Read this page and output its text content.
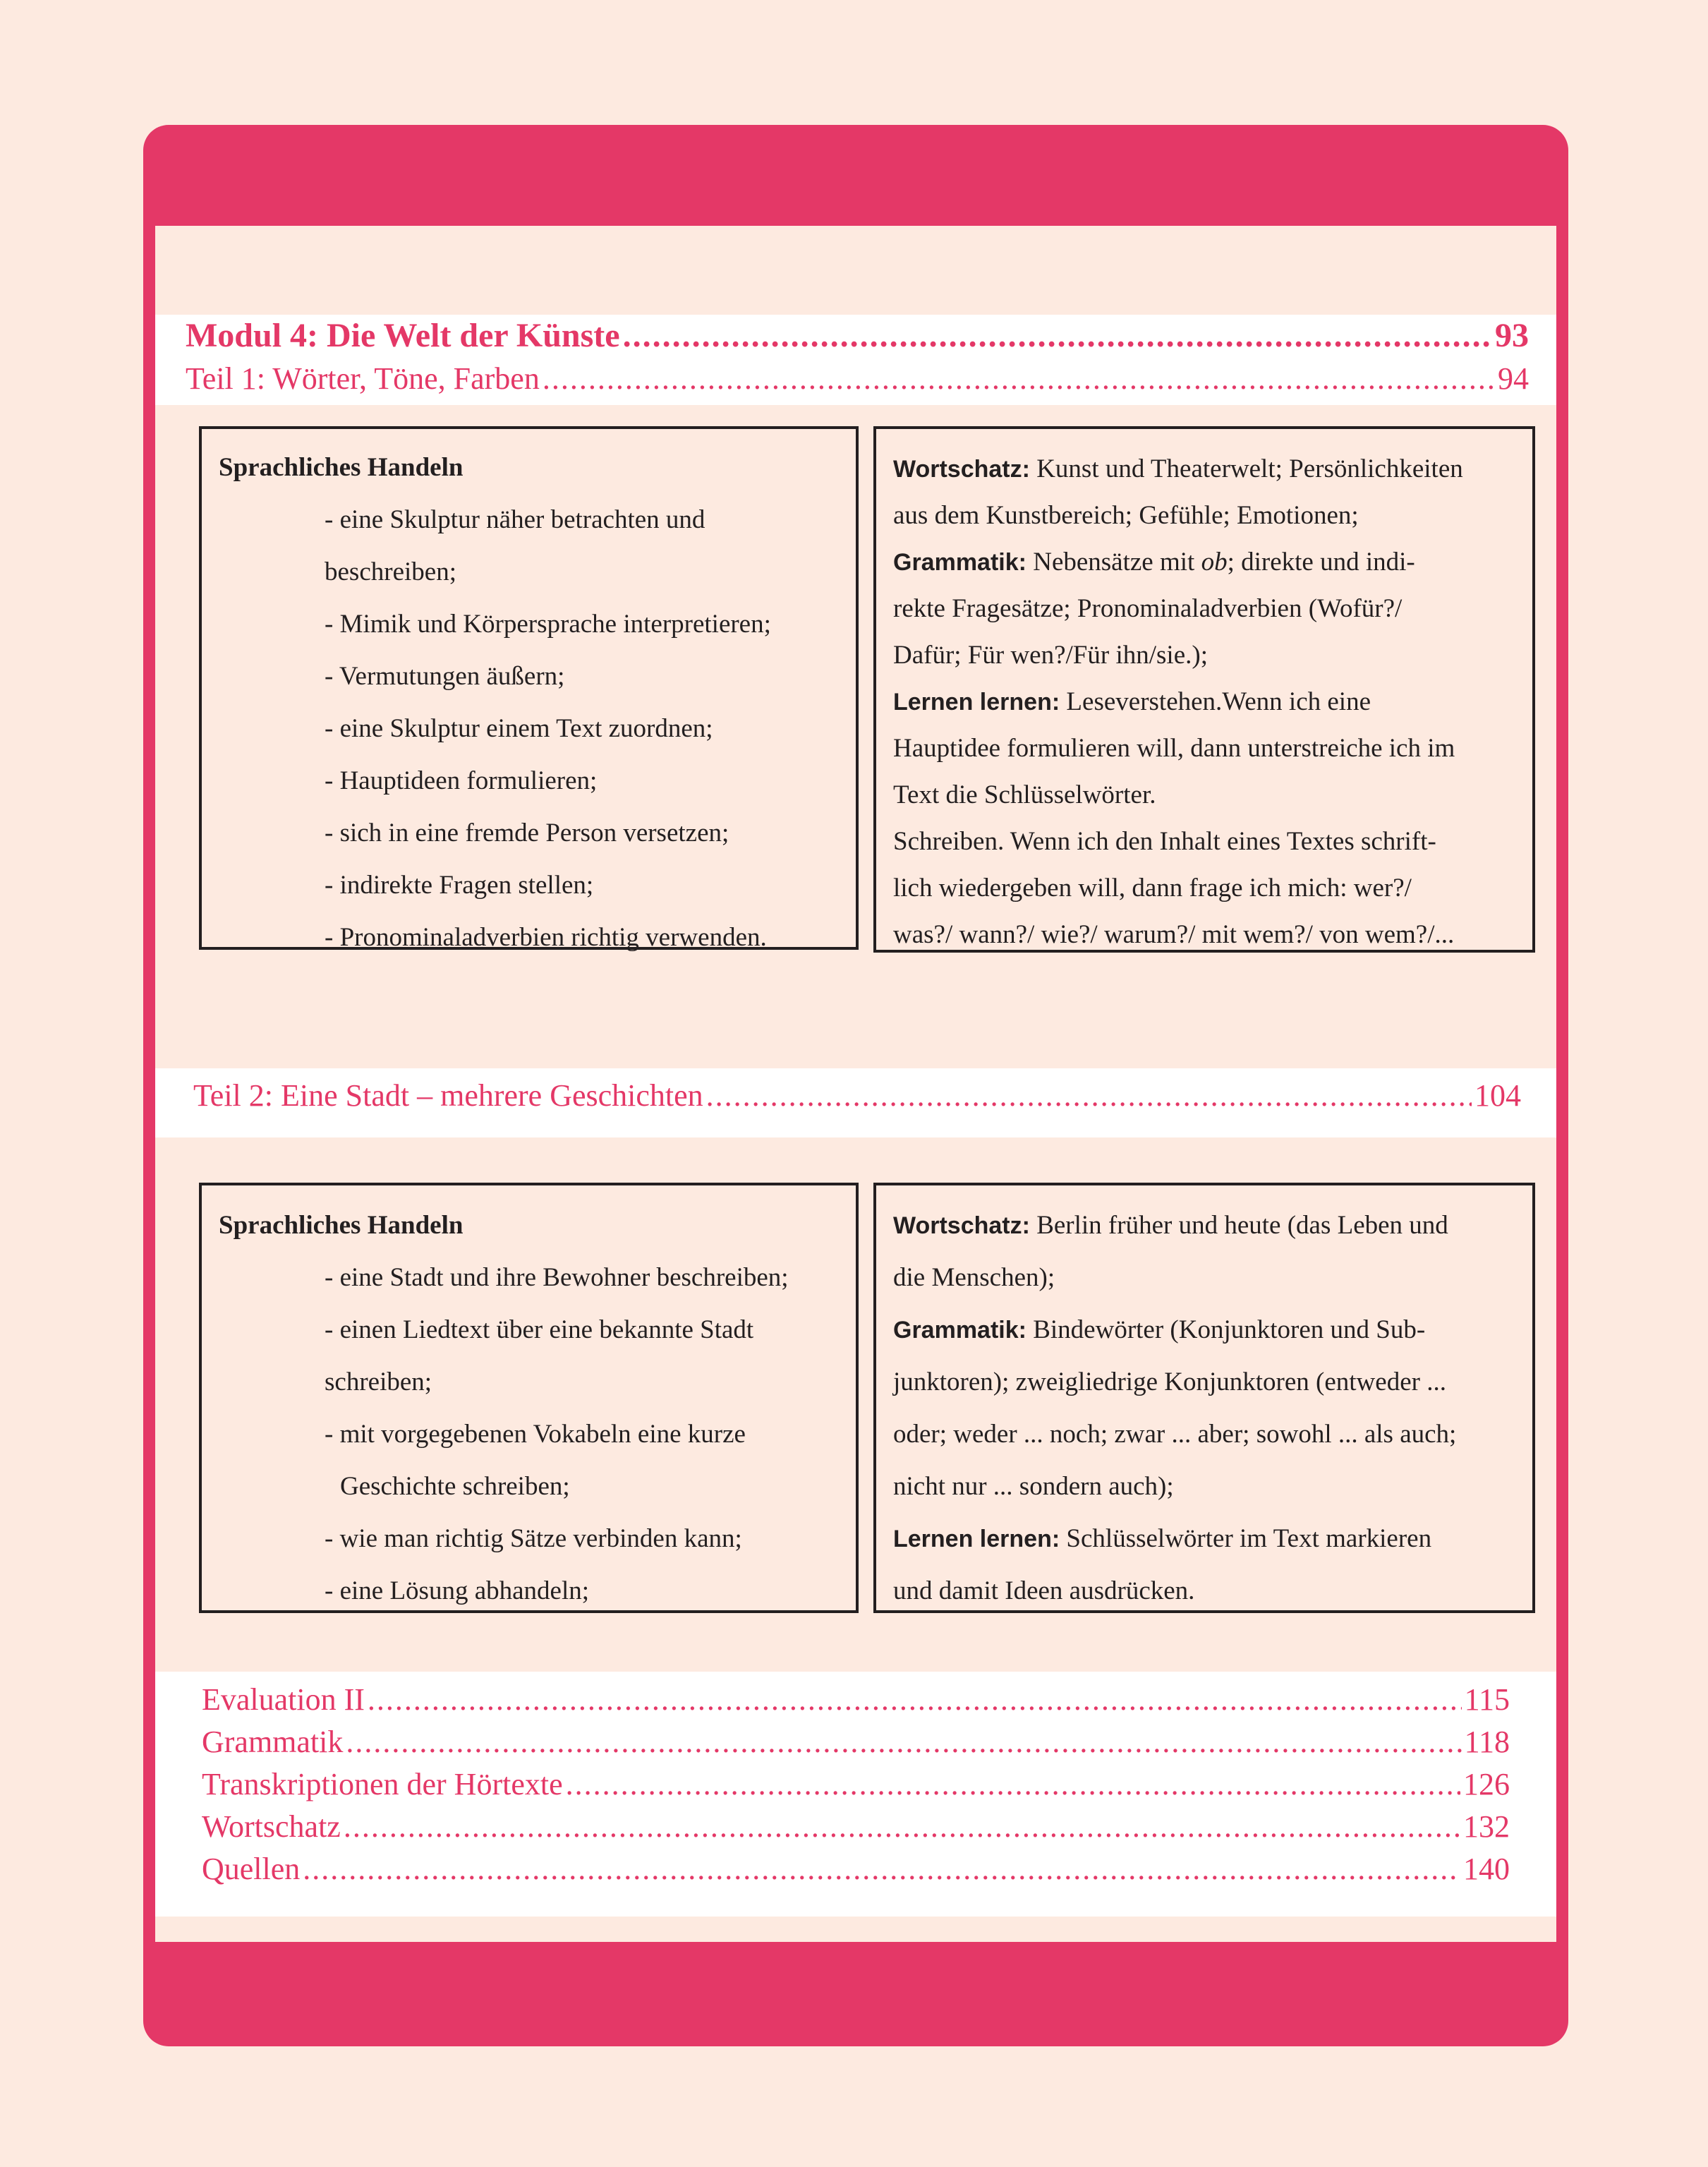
Modul 4: Die Welt der Künste .....	93
Teil 1: Wörter, Töne, Farben .....	94
Sprachliches Handeln
- eine Skulptur näher betrachten und
beschreiben;
- Mimik und Körpersprache interpretieren;
- Vermutungen äußern;
- eine Skulptur einem Text zuordnen;
- Hauptideen formulieren;
- sich in eine fremde Person versetzen;
- indirekte Fragen stellen;
- Pronominaladverbien richtig verwenden.

Wortschatz: Kunst und Theaterwelt; Persönlichkeiten

aus dem Kunstbereich; Gefühle; Emotionen;

Grammatik: Nebensätze mit ob; direkte und indi-

rekte Fragesätze; Pronominaladverbien (Wofür?/

Dafür; Für wen?/Für ihn/sie.);

Lernen lernen: Leseverstehen.Wenn ich eine

Hauptidee formulieren will, dann unterstreiche ich im

Text die Schlüsselwörter.

Schreiben. Wenn ich den Inhalt eines Textes schrift-

lich wiedergeben will, dann frage ich mich: wer?/

was?/ wann?/ wie?/ warum?/ mit wem?/ von wem?/...

Teil 2: Eine Stadt – mehrere Geschichten .....	104
Sprachliches Handeln
- eine Stadt und ihre Bewohner beschreiben;
- einen Liedtext über eine bekannte Stadt
schreiben;
- mit vorgegebenen Vokabeln eine kurze
Geschichte schreiben;
- wie man richtig Sätze verbinden kann;
- eine Lösung abhandeln;

Wortschatz: Berlin früher und heute (das Leben und

die Menschen);

Grammatik: Bindewörter (Konjunktoren und Sub-

junktoren); zweigliedrige Konjunktoren (entweder ...

oder; weder ... noch; zwar ... aber; sowohl ... als auch;

nicht nur ... sondern auch);

Lernen lernen: Schlüsselwörter im Text markieren

und damit Ideen ausdrücken.

Evaluation II .....	115
Grammatik .....	118
Transkriptionen der Hörtexte .....	126
Wortschatz .....	132
Quellen .....	140
